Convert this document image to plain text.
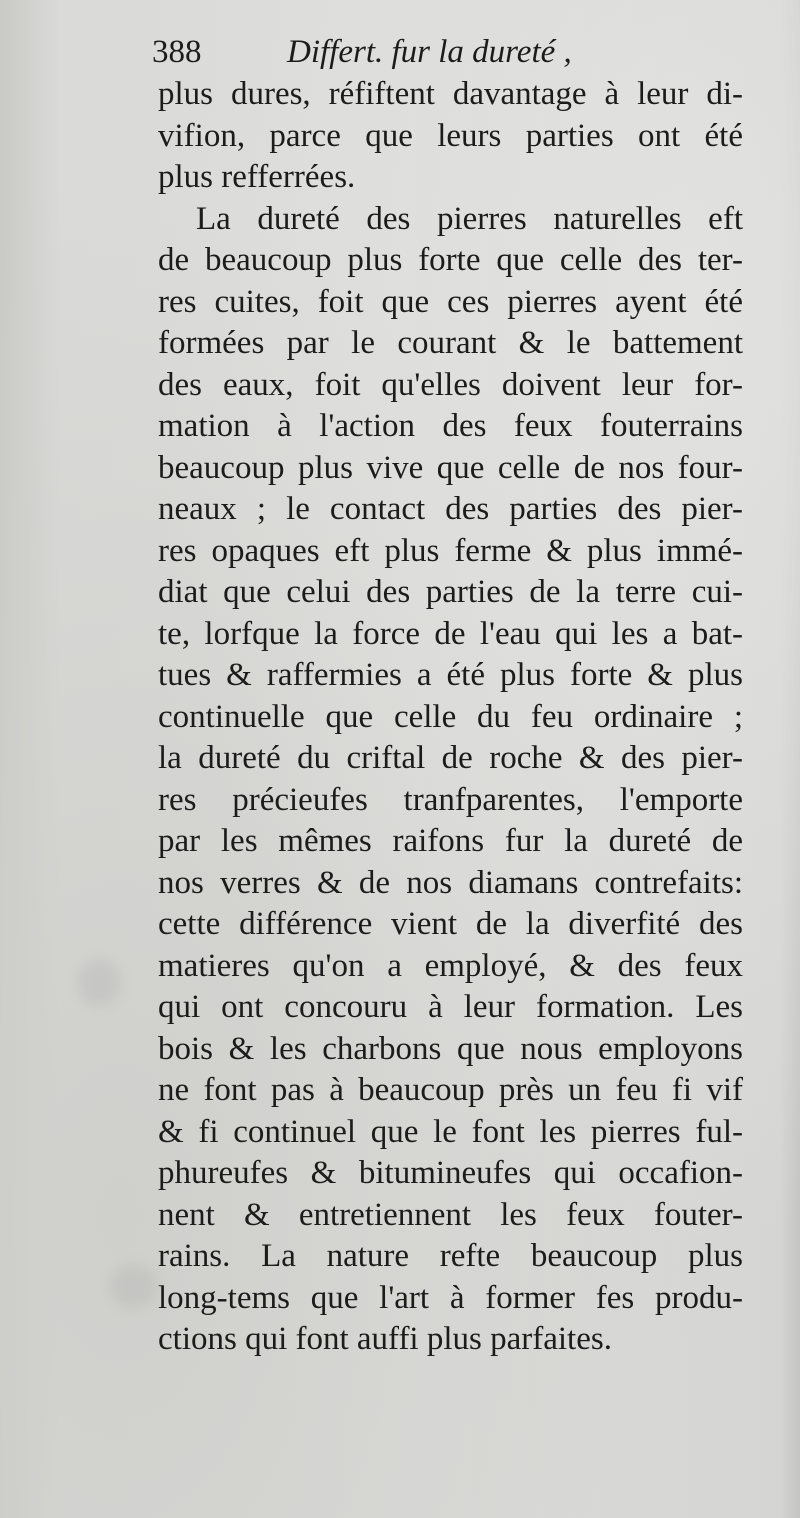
388	Differt. fur la dureté ,
plus dures, réfiftent davantage à leur di-
vifion, parce que leurs parties ont été
plus refferrées.
La dureté des pierres naturelles eft
de beaucoup plus forte que celle des ter-
res cuites, foit que ces pierres ayent été
formées par le courant & le battement
des eaux, foit qu'elles doivent leur for-
mation à l'action des feux fouterrains
beaucoup plus vive que celle de nos four-
neaux ; le contact des parties des pier-
res opaques eft plus ferme & plus immé-
diat que celui des parties de la terre cui-
te, lorfque la force de l'eau qui les a bat-
tues & raffermies a été plus forte & plus
continuelle que celle du feu ordinaire ;
la dureté du criftal de roche & des pier-
res précieufes tranfparentes, l'emporte
par les mêmes raifons fur la dureté de
nos verres & de nos diamans contrefaits:
cette différence vient de la diverfité des
matieres qu'on a employé, & des feux
qui ont concouru à leur formation. Les
bois & les charbons que nous employons
ne font pas à beaucoup près un feu fi vif
& fi continuel que le font les pierres ful-
phureufes & bitumineufes qui occafion-
nent & entretiennent les feux fouter-
rains. La nature refte beaucoup plus
long-tems que l'art à former fes produ-
ctions qui font auffi plus parfaites.
